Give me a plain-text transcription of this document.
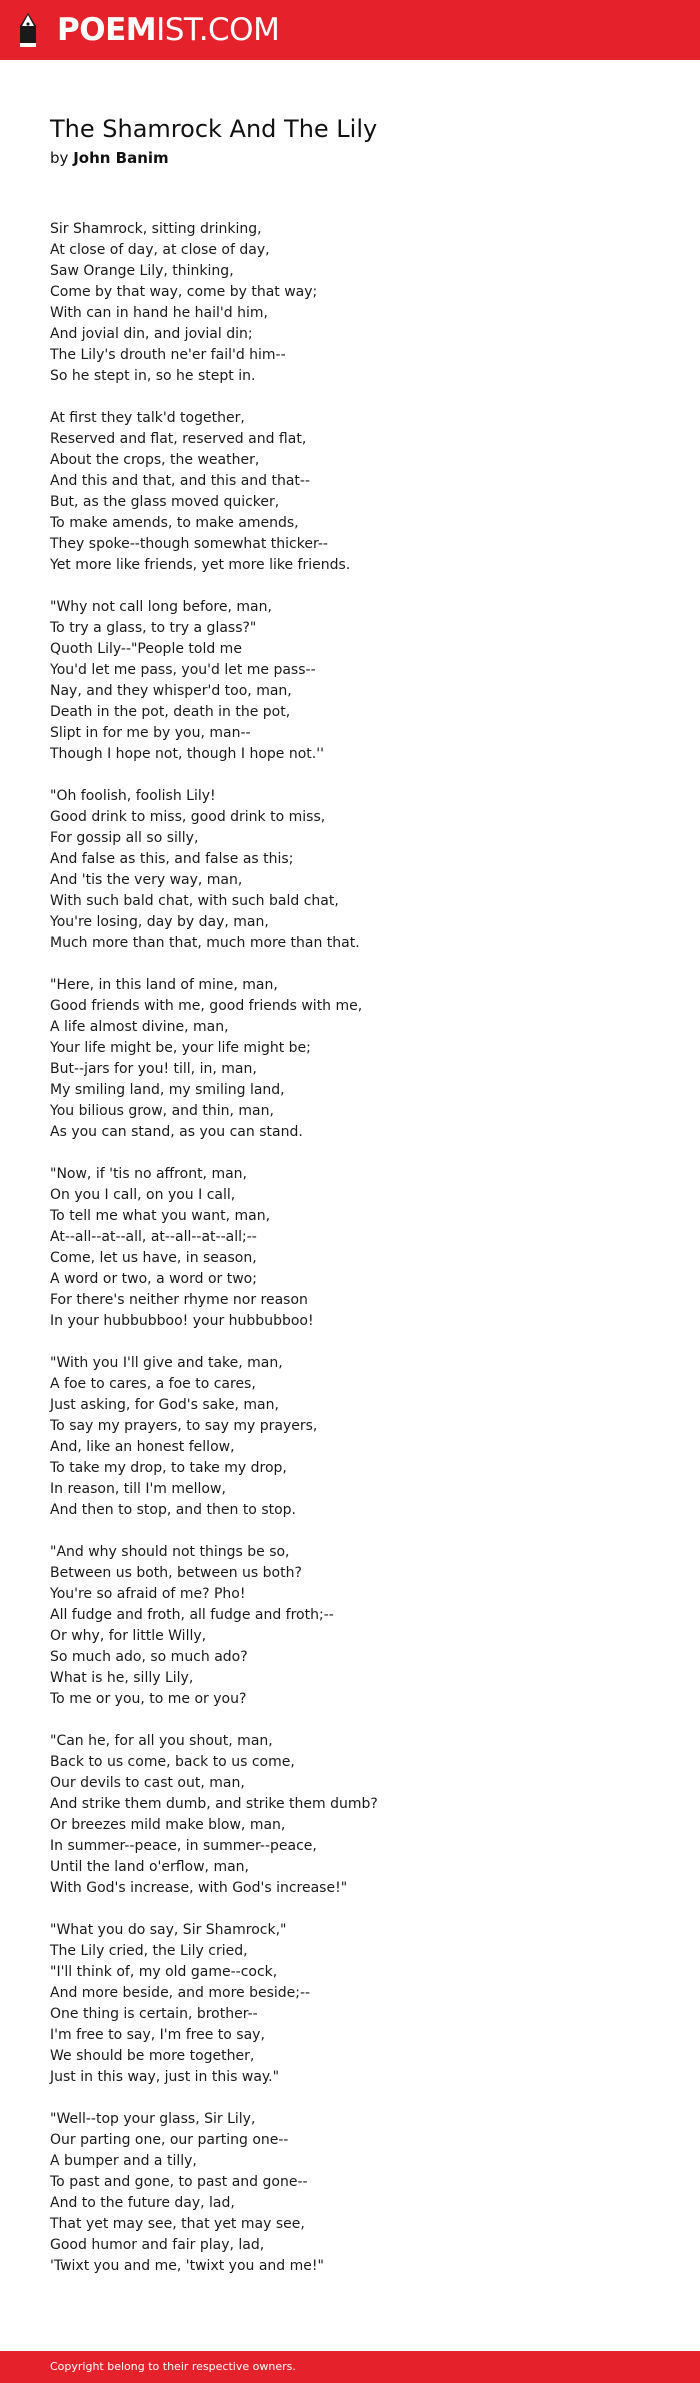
POEMIST.COM
The Shamrock And The Lily
by John Banim
Sir Shamrock, sitting drinking,
At close of day, at close of day,
Saw Orange Lily, thinking,
Come by that way, come by that way;
With can in hand he hail'd him,
And jovial din, and jovial din;
The Lily's drouth ne'er fail'd him--
So he stept in, so he stept in.
At first they talk'd together,
Reserved and flat, reserved and flat,
About the crops, the weather,
And this and that, and this and that--
But, as the glass moved quicker,
To make amends, to make amends,
They spoke--though somewhat thicker--
Yet more like friends, yet more like friends.
"Why not call long before, man,
To try a glass, to try a glass?"
Quoth Lily--"People told me
You'd let me pass, you'd let me pass--
Nay, and they whisper'd too, man,
Death in the pot, death in the pot,
Slipt in for me by you, man--
Though I hope not, though I hope not.''
"Oh foolish, foolish Lily!
Good drink to miss, good drink to miss,
For gossip all so silly,
And false as this, and false as this;
And 'tis the very way, man,
With such bald chat, with such bald chat,
You're losing, day by day, man,
Much more than that, much more than that.
"Here, in this land of mine, man,
Good friends with me, good friends with me,
A life almost divine, man,
Your life might be, your life might be;
But--jars for you! till, in, man,
My smiling land, my smiling land,
You bilious grow, and thin, man,
As you can stand, as you can stand.
"Now, if 'tis no affront, man,
On you I call, on you I call,
To tell me what you want, man,
At--all--at--all, at--all--at--all;--
Come, let us have, in season,
A word or two, a word or two;
For there's neither rhyme nor reason
In your hubbubboo! your hubbubboo!
"With you I'll give and take, man,
A foe to cares, a foe to cares,
Just asking, for God's sake, man,
To say my prayers, to say my prayers,
And, like an honest fellow,
To take my drop, to take my drop,
In reason, till I'm mellow,
And then to stop, and then to stop.
"And why should not things be so,
Between us both, between us both?
You're so afraid of me? Pho!
All fudge and froth, all fudge and froth;--
Or why, for little Willy,
So much ado, so much ado?
What is he, silly Lily,
To me or you, to me or you?
"Can he, for all you shout, man,
Back to us come, back to us come,
Our devils to cast out, man,
And strike them dumb, and strike them dumb?
Or breezes mild make blow, man,
In summer--peace, in summer--peace,
Until the land o'erflow, man,
With God's increase, with God's increase!"
"What you do say, Sir Shamrock,"
The Lily cried, the Lily cried,
"I'll think of, my old game--cock,
And more beside, and more beside;--
One thing is certain, brother--
I'm free to say, I'm free to say,
We should be more together,
Just in this way, just in this way."
"Well--top your glass, Sir Lily,
Our parting one, our parting one--
A bumper and a tilly,
To past and gone, to past and gone--
And to the future day, lad,
That yet may see, that yet may see,
Good humor and fair play, lad,
'Twixt you and me, 'twixt you and me!"
Copyright belong to their respective owners.
